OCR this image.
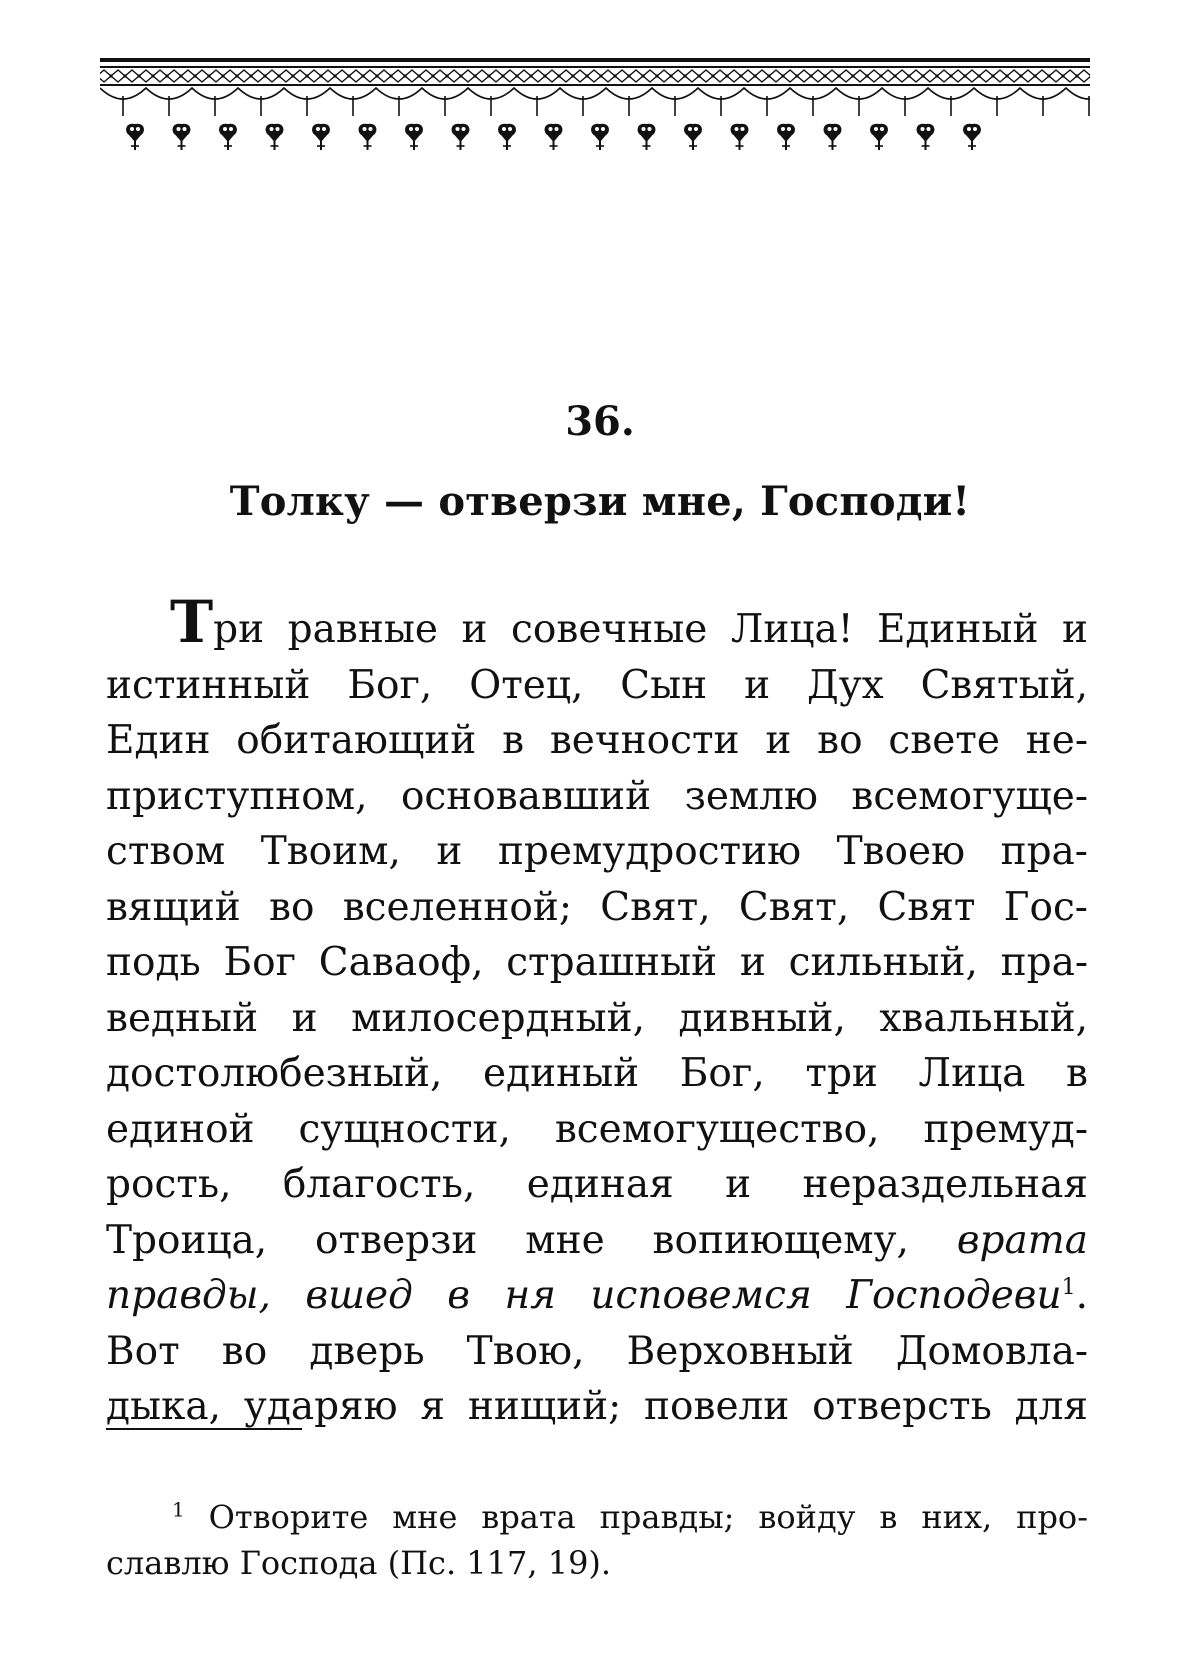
36.
Толку — отверзи мне, Господи!
Три равные и совечные Лица! Единый и
истинный Бог, Отец, Сын и Дух Святый,
Един обитающий в вечности и во свете не-
приступном, основавший землю всемогуще-
ством Твоим, и премудростию Твоею пра-
вящий во вселенной; Свят, Свят, Свят Гос-
подь Бог Саваоф, страшный и сильный, пра-
ведный и милосердный, дивный, хвальный,
достолюбезный, единый Бог, три Лица в
единой сущности, всемогущество, премуд-
рость, благость, единая и нераздельная
Троица, отверзи мне вопиющему, врата
правды, вшед в ня исповемся Господеви$^1$.
Вот во дверь Твою, Верховный Домовла-
дыка, ударяю я нищий; повели отверсть для
$^1$ Отворите мне врата правды; войду в них, про-
славлю Господа (Пс. 117, 19).
